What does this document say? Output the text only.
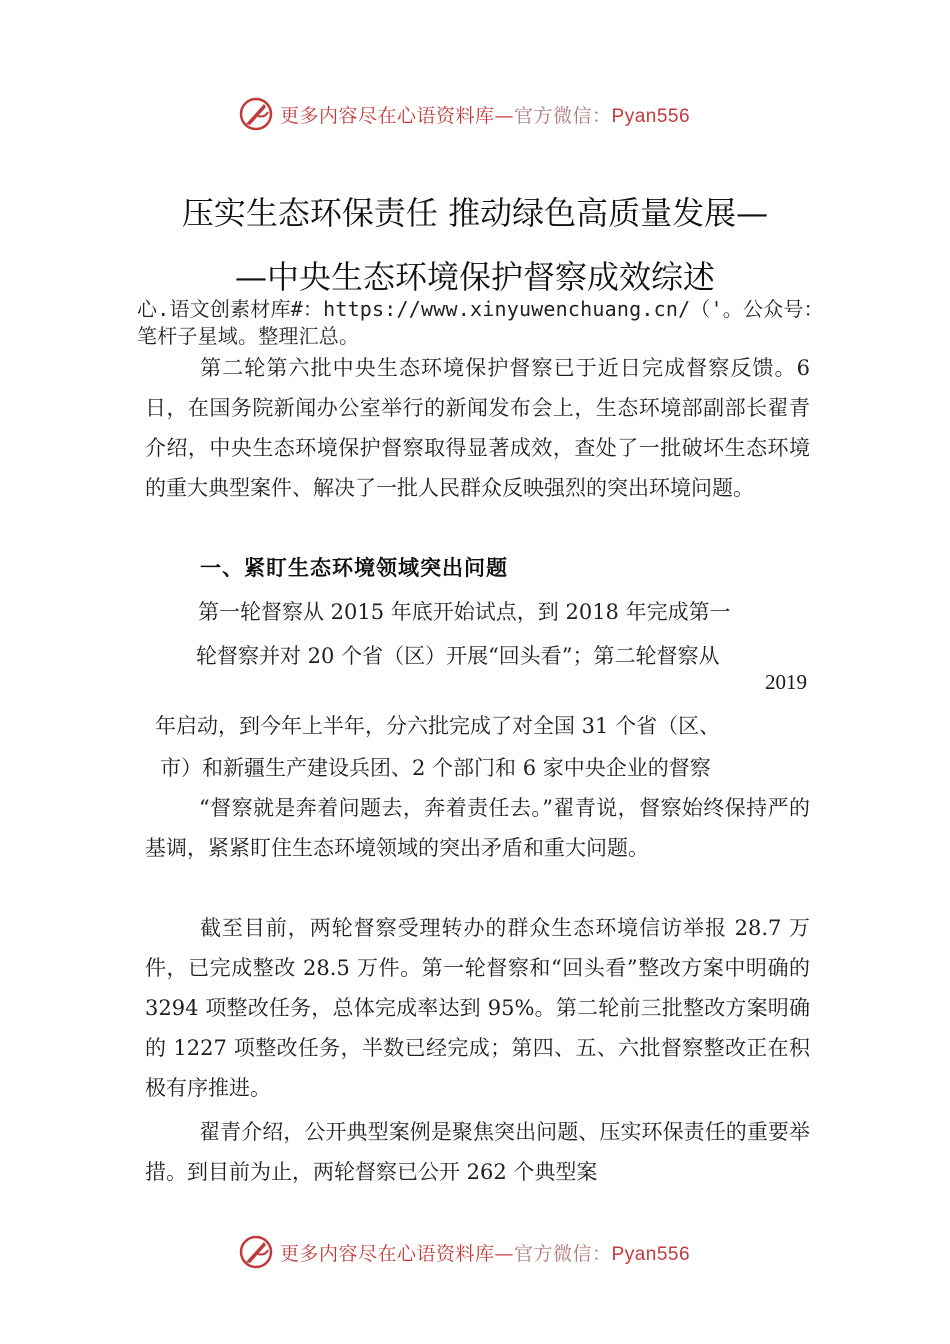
更多内容尽在心语资料库—官方微信：Pyan556
压实生态环保责任 推动绿色高质量发展—
—中央生态环境保护督察成效综述
心.语文创素材库#：https://www.xinyuwenchuang.cn/（'。公众号：笔杆子星域。整理汇总。
第二轮第六批中央生态环境保护督察已于近日完成督察反馈。6 日，在国务院新闻办公室举行的新闻发布会上，生态环境部副部长翟青介绍，中央生态环境保护督察取得显著成效，查处了一批破坏生态环境的重大典型案件、解决了一批人民群众反映强烈的突出环境问题。
一、紧盯生态环境领域突出问题
第一轮督察从 2015 年底开始试点，到 2018 年完成第一
轮督察并对 20 个省（区）开展“回头看”；第二轮督察从
2019
年启动，到今年上半年，分六批完成了对全国 31 个省（区、
市）和新疆生产建设兵团、2 个部门和 6 家中央企业的督察
“督察就是奔着问题去，奔着责任去。”翟青说，督察始终保持严的基调，紧紧盯住生态环境领域的突出矛盾和重大问题。
截至目前，两轮督察受理转办的群众生态环境信访举报 28.7 万件，已完成整改 28.5 万件。第一轮督察和“回头看”整改方案中明确的 3294 项整改任务，总体完成率达到 95%。第二轮前三批整改方案明确的 1227 项整改任务，半数已经完成；第四、五、六批督察整改正在积极有序推进。
翟青介绍，公开典型案例是聚焦突出问题、压实环保责任的重要举措。到目前为止，两轮督察已公开 262 个典型案
更多内容尽在心语资料库—官方微信：Pyan556
